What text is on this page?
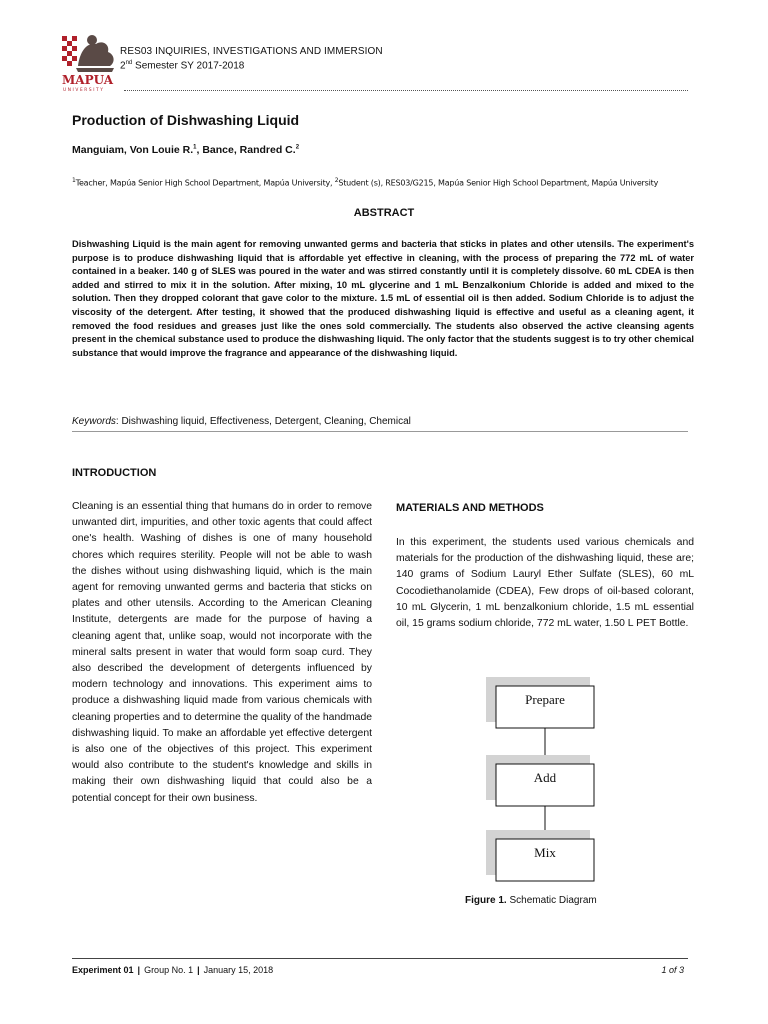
MAPUA
UNIVERSITY
RES03 INQUIRIES, INVESTIGATIONS AND IMMERSION
2nd Semester SY 2017-2018
Production of Dishwashing Liquid
Manguiam, Von Louie R.$^1$, Bance, Randred C.$^2$
$^1$Teacher, Mapúa Senior High School Department, Mapúa University, $^2$Student (s), RES03/G215, Mapúa Senior High School Department, Mapúa University
ABSTRACT
Dishwashing Liquid is the main agent for removing unwanted germs and bacteria that sticks in plates and other utensils. The experiment's purpose is to produce dishwashing liquid that is affordable yet effective in cleaning, with the process of preparing the 772 mL of water contained in a beaker. 140 g of SLES was poured in the water and was stirred constantly until it is completely dissolve. 60 mL CDEA is then added and stirred to mix it in the solution. After mixing, 10 mL glycerine and 1 mL Benzalkonium Chloride is added and mixed to the solution. Then they dropped colorant that gave color to the mixture. 1.5 mL of essential oil is then added. Sodium Chloride is to adjust the viscosity of the detergent. After testing, it showed that the produced dishwashing liquid is effective and useful as a cleaning agent, it removed the food residues and greases just like the ones sold commercially. The students also observed the active cleansing agents present in the chemical substance used to produce the dishwashing liquid. The only factor that the students suggest is to try other chemical substance that would improve the fragrance and appearance of the dishwashing liquid.
Keywords: Dishwashing liquid, Effectiveness, Detergent, Cleaning, Chemical
INTRODUCTION
Cleaning is an essential thing that humans do in order to remove unwanted dirt, impurities, and other toxic agents that could affect one's health. Washing of dishes is one of many household chores which requires sterility. People will not be able to wash the dishes without using dishwashing liquid, which is the main agent for removing unwanted germs and bacteria that sticks on plates and other utensils. According to the American Cleaning Institute, detergents are made for the purpose of having a cleaning agent that, unlike soap, would not incorporate with the mineral salts present in water that would form soap curd. They also described the development of detergents influenced by modern technology and innovations. This experiment aims to produce a dishwashing liquid made from various chemicals with cleaning properties and to determine the quality of the handmade dishwashing liquid. To make an affordable yet effective detergent is also one of the objectives of this project. This experiment would also contribute to the student's knowledge and skills in making their own dishwashing liquid that could also be a potential concept for their own business.
MATERIALS AND METHODS
In this experiment, the students used various chemicals and materials for the production of the dishwashing liquid, these are; 140 grams of Sodium Lauryl Ether Sulfate (SLES), 60 mL Cocodiethanolamide (CDEA), Few drops of oil-based colorant, 10 mL Glycerin, 1 mL benzalkonium chloride, 1.5 mL essential oil, 15 grams sodium chloride, 772 mL water, 1.50 L PET Bottle.
Prepare
Add
Mix
Figure 1. Schematic Diagram
Experiment 01 | Group No. 1 | January 15, 2018	1 of 3
